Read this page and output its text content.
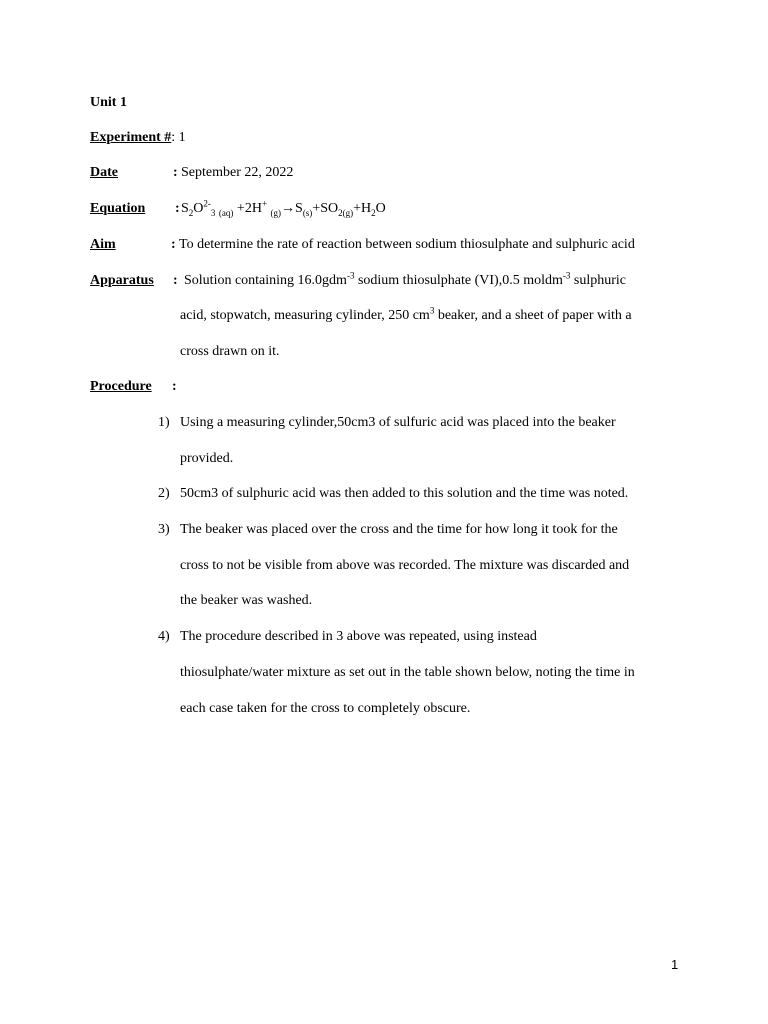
Unit 1
Experiment #: 1
Date	: September 22, 2022
Equation : $S_2O^{2-}_3$ $_{(aq)}$ +2H+ $_{(g)}\to S_{(s)}+SO_{2(g)}+H_2O$
Aim	: To determine the rate of reaction between sodium thiosulphate and sulphuric acid
Apparatus : Solution containing 16.0gdm$^{-3}$ sodium thiosulphate (VI),0.5 moldm$^{-3}$ sulphuric
acid, stopwatch, measuring cylinder, 250 $cm^3$ beaker, and a sheet of paper with a
cross drawn on it.
Procedure :
1) Using a measuring cylinder,50cm3 of sulfuric acid was placed into the beaker
provided.
2) 50cm3 of sulphuric acid was then added to this solution and the time was noted.
3) The beaker was placed over the cross and the time for how long it took for the
cross to not be visible from above was recorded. The mixture was discarded and
the beaker was washed.
4) The procedure described in 3 above was repeated, using instead
thiosulphate/water mixture as set out in the table shown below, noting the time in
each case taken for the cross to completely obscure.
1
